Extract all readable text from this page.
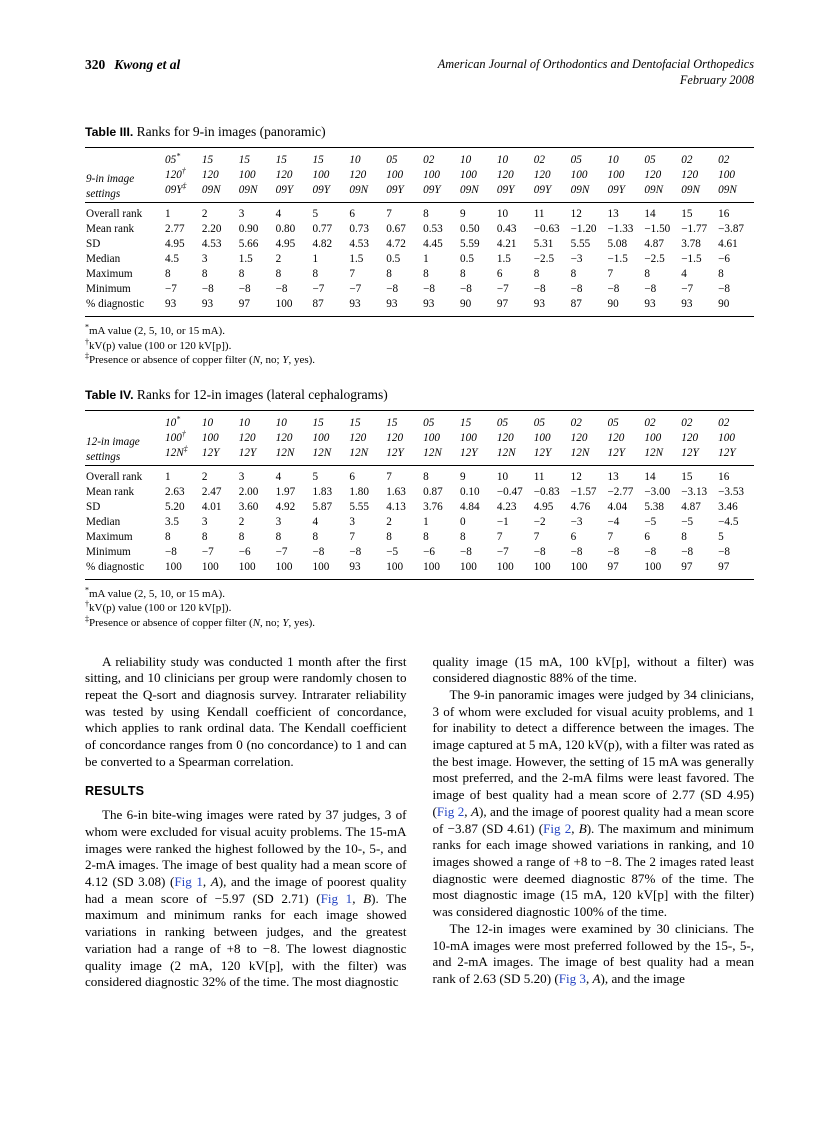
320 Kwong et al	American Journal of Orthodontics and Dentofacial Orthopedics
February 2008

Table III. Ranks for 9-in images (panoramic)

9-in image
settings	05*	15	15	15	15	10	05	02	10	10	02	05	10	05	02	02
	120†	120	100	120	100	120	100	100	100	120	120	100	100	120	120	100
	09Y‡	09N	09N	09Y	09Y	09N	09Y	09Y	09N	09Y	09Y	09N	09Y	09N	09N	09N
Overall rank	1	2	3	4	5	6	7	8	9	10	11	12	13	14	15	16
Mean rank	2.77	2.20	0.90	0.80	0.77	0.73	0.67	0.53	0.50	0.43	−0.63	−1.20	−1.33	−1.50	−1.77	−3.87
SD	4.95	4.53	5.66	4.95	4.82	4.53	4.72	4.45	5.59	4.21	5.31	5.55	5.08	4.87	3.78	4.61
Median	4.5	3	1.5	2	1	1.5	0.5	1	0.5	1.5	−2.5	−3	−1.5	−2.5	−1.5	−6
Maximum	8	8	8	8	8	7	8	8	8	6	8	8	7	8	4	8
Minimum	−7	−8	−8	−8	−7	−7	−8	−8	−8	−7	−8	−8	−8	−8	−7	−8
% diagnostic	93	93	97	100	87	93	93	93	90	97	93	87	90	93	93	90
*mA value (2, 5, 10, or 15 mA).
†kV(p) value (100 or 120 kV[p]).
‡Presence or absence of copper filter (N, no; Y, yes).

Table IV. Ranks for 12-in images (lateral cephalograms)

12-in image
settings	10*	10	10	10	15	15	15	05	15	05	05	02	05	02	02	02
	100†	100	120	120	100	120	120	100	100	120	100	120	120	100	120	100
	12N‡	12Y	12Y	12N	12N	12N	12Y	12N	12Y	12N	12Y	12N	12Y	12N	12Y	12Y
Overall rank	1	2	3	4	5	6	7	8	9	10	11	12	13	14	15	16
Mean rank	2.63	2.47	2.00	1.97	1.83	1.80	1.63	0.87	0.10	−0.47	−0.83	−1.57	−2.77	−3.00	−3.13	−3.53
SD	5.20	4.01	3.60	4.92	5.87	5.55	4.13	3.76	4.84	4.23	4.95	4.76	4.04	5.38	4.87	3.46
Median	3.5	3	2	3	4	3	2	1	0	−1	−2	−3	−4	−5	−5	−4.5
Maximum	8	8	8	8	8	7	8	8	8	7	7	6	7	6	8	5
Minimum	−8	−7	−6	−7	−8	−8	−5	−6	−8	−7	−8	−8	−8	−8	−8	−8
% diagnostic	100	100	100	100	100	93	100	100	100	100	100	100	97	100	97	97
*mA value (2, 5, 10, or 15 mA).
†kV(p) value (100 or 120 kV[p]).
‡Presence or absence of copper filter (N, no; Y, yes).

A reliability study was conducted 1 month after the first sitting, and 10 clinicians per group were randomly chosen to repeat the Q-sort and diagnosis survey. Intrarater reliability was tested by using Kendall coefficient of concordance, which applies to rank ordinal data. The Kendall coefficient of concordance ranges from 0 (no concordance) to 1 and can be converted to a Spearman correlation.

RESULTS

The 6-in bite-wing images were rated by 37 judges, 3 of whom were excluded for visual acuity problems. The 15-mA images were ranked the highest followed by the 10-, 5-, and 2-mA images. The image of best quality had a mean score of 4.12 (SD 3.08) (Fig 1, A), and the image of poorest quality had a mean score of −5.97 (SD 2.71) (Fig 1, B). The maximum and minimum ranks for each image showed variations in ranking between judges, and the greatest variation had a range of +8 to −8. The lowest diagnostic quality image (2 mA, 120 kV[p], with the filter) was considered diagnostic 32% of the time. The most diagnostic

quality image (15 mA, 100 kV[p], without a filter) was considered diagnostic 88% of the time.

The 9-in panoramic images were judged by 34 clinicians, 3 of whom were excluded for visual acuity problems, and 1 for inability to detect a difference between the images. The image captured at 5 mA, 120 kV(p), with a filter was rated as the best image. However, the setting of 15 mA was generally most preferred, and the 2-mA films were least favored. The image of best quality had a mean score of 2.77 (SD 4.95) (Fig 2, A), and the image of poorest quality had a mean score of −3.87 (SD 4.61) (Fig 2, B). The maximum and minimum ranks for each image showed variations in ranking, and 10 images showed a range of +8 to −8. The 2 images rated least diagnostic were deemed diagnostic 87% of the time. The most diagnostic image (15 mA, 120 kV[p] with the filter) was considered diagnostic 100% of the time.

The 12-in images were examined by 30 clinicians. The 10-mA images were most preferred followed by the 15-, 5-, and 2-mA images. The image of best quality had a mean rank of 2.63 (SD 5.20) (Fig 3, A), and the image
